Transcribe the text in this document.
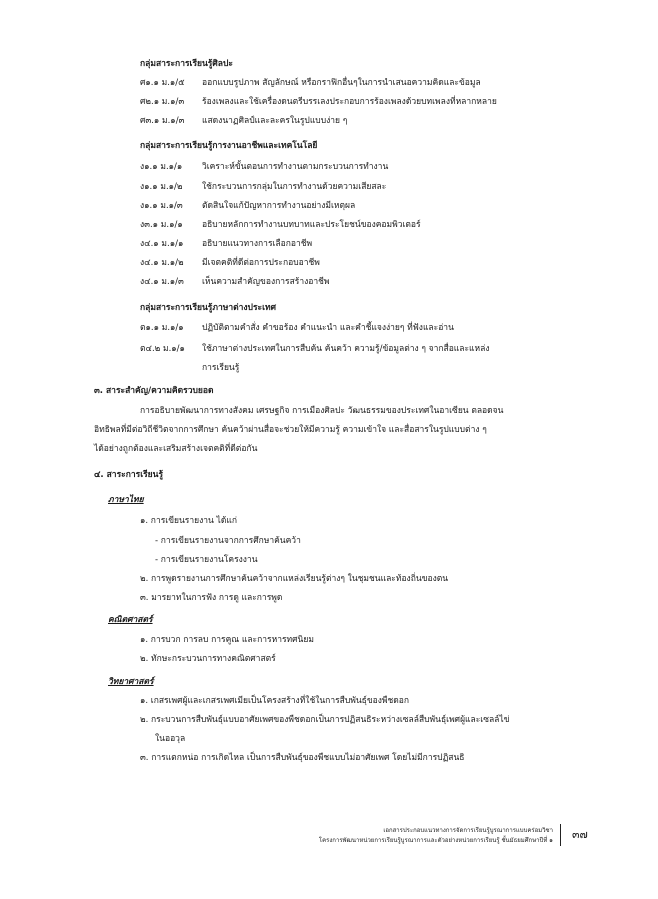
กลุ่มสาระการเรียนรู้ศิลปะ
ศ๑.๑ ม.๑/๕ ออกแบบรูปภาพ สัญลักษณ์ หรือกราฟิกอื่นๆในการนำเสนอความคิดและข้อมูล
ศ๒.๑ ม.๑/๓ ร้องเพลงและใช้เครื่องดนตรีบรรเลงประกอบการร้องเพลงด้วยบทเพลงที่หลากหลาย
ศ๓.๑ ม.๑/๓ แสดงนาฏศิลป์และละครในรูปแบบง่าย ๆ
กลุ่มสาระการเรียนรู้การงานอาชีพและเทคโนโลยี
ง๑.๑ ม.๑/๑ วิเคราะห์ขั้นตอนการทำงานตามกระบวนการทำงาน
ง๑.๑ ม.๑/๒ ใช้กระบวนการกลุ่มในการทำงานด้วยความเสียสละ
ง๑.๑ ม.๑/๓ ตัดสินใจแก้ปัญหาการทำงานอย่างมีเหตุผล
ง๓.๑ ม.๑/๑ อธิบายหลักการทำงานบทบาทและประโยชน์ของคอมพิวเตอร์
ง๔.๑ ม.๑/๑ อธิบายแนวทางการเลือกอาชีพ
ง๔.๑ ม.๑/๒ มีเจตคติที่ดีต่อการประกอบอาชีพ
ง๔.๑ ม.๑/๓ เห็นความสำคัญของการสร้างอาชีพ
กลุ่มสาระการเรียนรู้ภาษาต่างประเทศ
ต๑.๑ ม.๑/๑ ปฏิบัติตามคำสั่ง คำขอร้อง คำแนะนำ และคำชี้แจงง่ายๆ ที่ฟังและอ่าน
ต๔.๒ ม.๑/๑ ใช้ภาษาต่างประเทศในการสืบค้น ค้นคว้า ความรู้/ข้อมูลต่าง ๆ จากสื่อและแหล่ง
การเรียนรู้
๓. สาระสำคัญ/ความคิดรวบยอด
การอธิบายพัฒนาการทางสังคม เศรษฐกิจ การเมืองศิลปะ วัฒนธรรมของประเทศในอาเซียน ตลอดจน
อิทธิพลที่มีต่อวิถีชีวิตจากการศึกษา ค้นคว้าผ่านสื่อจะช่วยให้มีความรู้ ความเข้าใจ และสื่อสารในรูปแบบต่าง ๆ
ได้อย่างถูกต้องและเสริมสร้างเจตคติที่ดีต่อกัน
๔. สาระการเรียนรู้
ภาษาไทย
๑. การเขียนรายงาน ได้แก่
- การเขียนรายงานจากการศึกษาค้นคว้า
- การเขียนรายงานโครงงาน
๒. การพูดรายงานการศึกษาค้นคว้าจากแหล่งเรียนรู้ต่างๆ ในชุมชนและท้องถิ่นของตน
๓. มารยาทในการฟัง การดู และการพูด
คณิตศาสตร์
๑. การบวก การลบ การคูณ และการหารทศนิยม
๒. ทักษะกระบวนการทางคณิตศาสตร์
วิทยาศาสตร์
๑. เกสรเพศผู้และเกสรเพศเมียเป็นโครงสร้างที่ใช้ในการสืบพันธุ์ของพืชดอก
๒. กระบวนการสืบพันธุ์แบบอาศัยเพศของพืชดอกเป็นการปฏิสนธิระหว่างเซลล์สืบพันธุ์เพศผู้และเซลล์ไข่
ในออวุล
๓. การแตกหน่อ การเกิดไหล เป็นการสืบพันธุ์ของพืชแบบไม่อาศัยเพศ โดยไม่มีการปฏิสนธิ
เอกสารประกอบแนวทางการจัดการเรียนรู้บูรณาการแบบคร่อมวิชา
โครงการพัฒนาหน่วยการเรียนรู้บูรณาการและตัวอย่างหน่วยการเรียนรู้ ชั้นมัธยมศึกษาปีที่ ๑ ๓๗
